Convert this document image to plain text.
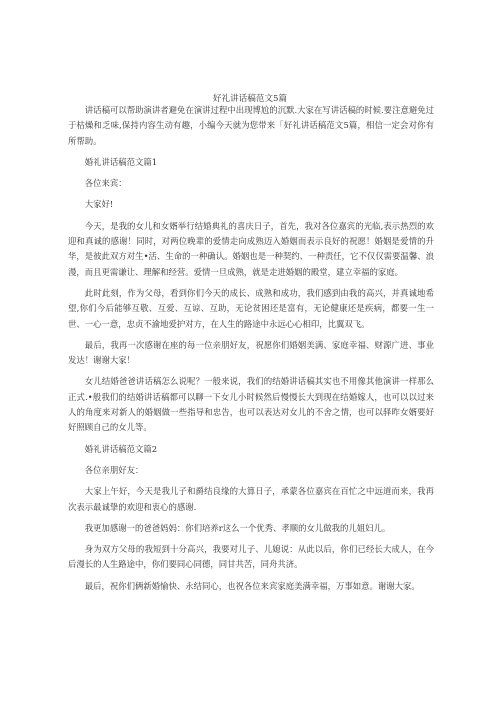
好礼讲话稿范文5篇

讲话稿可以帮助演讲者避免在演讲过程中出现博尬的沉默.大家在写讲话稿的时候.要注意避免过于枯燥和乏味,保持内容生动有趣，小编今天就为您带来「好礼讲话稿范文5篇，相信一定会对你有所帮助。

婚礼讲话稿范文篇1

各位来宾：

大家好!

今天，是我的女儿和女婿举行结婚典礼的喜庆日子，首先，我对各位嘉宾的光临,表示热烈的欢迎和真诚的感谢！同时，对两位晚辈的爱情走向成熟迈入婚姻而表示良好的祝愿！婚姻是爱情的升华，是彼此双方对生•活、生命的一种确认。婚姻也是一种契约、一种责任，它不仅仅需要温馨、浪漫，而且更需谦让、理解和经营。爱情一旦成熟，就是走进婚姻的殿堂，建立幸福的家庭。

此时此刻，作为父母，看到你们今天的成长、成熟和成功，我们感到由我的高兴，并真诚地希望,你们今后能够互敬、互爱、互谅、互助，无论贫困还是富有，无论健康还是疾病，都要一生一世、一心一意，忠贞不渝地爱护对方，在人生的路途中永远心心相印，比翼双飞。

最后，我再一次感谢在座的每一位亲朋好友，祝愿你们婚姻美满、家庭幸福、财源广进、事业发达！谢谢大家！

女儿结婚爸爸讲话稿怎么说呢？一般来说，我们的结婚讲话稿其实也不用像其他演讲一样那么正式.•般我们的结婚讲话稿都可以聊一下女儿小时候然后慢慢长大到现在结婚嫁人，也可以以过来人的角度来对新人的婚姻做一些指导和忠告，也可以表达对女儿的不舍之情，也可以驿昨女婿要好好照顾自己的女儿等。

婚礼讲话稿范文篇2

各位亲朋好友：

大家上午好，今天是我儿子和爵结良缘的大算日子，承蒙各位嘉宾在百忙之中远道而来，我再次表示最诚挚的欢迎和衷心的感谢.

我更加感谢一的爸爸妈妈：你们培养r这么一个优秀、孝顺的女儿做我的儿姐妇儿。

身为双方父母的我短到十分高兴，我要对儿子、儿媳说：从此以后，你们已经长大成人，在今后漫长的人生路途中，你们要同心同德，同甘共苦，同舟共济。

最后，祝你们俩新婚愉快、永结同心，也祝各位来宾家庭美满幸福，万事如意。谢谢大家。
